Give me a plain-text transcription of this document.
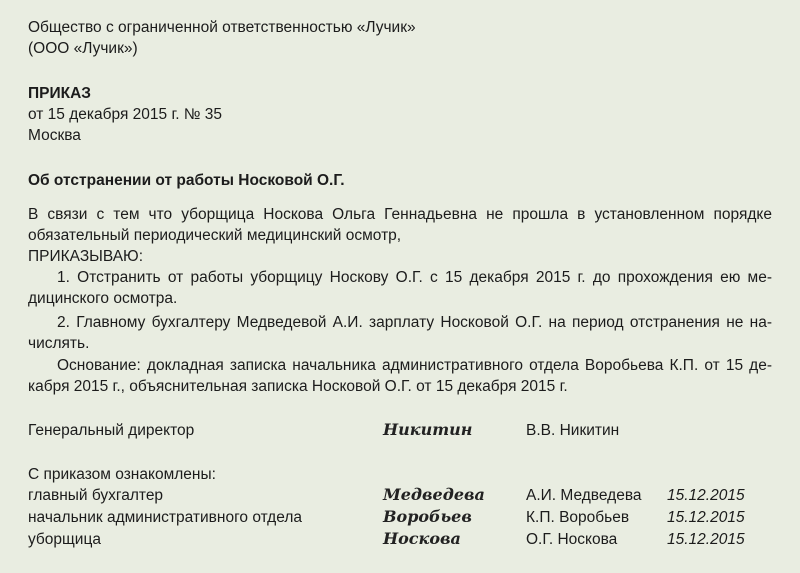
Общество с ограниченной ответственностью «Лучик»
(ООО «Лучик»)
ПРИКАЗ
от 15 декабря 2015 г. № 35
Москва
Об отстранении от работы Носковой О.Г.
В связи с тем что уборщица Носкова Ольга Геннадьевна не прошла в установленном порядке
обязательный периодический медицинский осмотр,
ПРИКАЗЫВАЮ:
1. Отстранить от работы уборщицу Носкову О.Г. с 15 декабря 2015 г. до прохождения ею ме-
дицинского осмотра.
2. Главному бухгалтеру Медведевой А.И. зарплату Носковой О.Г. на период отстранения не на-
числять.
Основание: докладная записка начальника административного отдела Воробьева К.П. от 15 де-
кабря 2015 г., объяснительная записка Носковой О.Г. от 15 декабря 2015 г.
Генеральный директор	Никитин	В.В. Никитин
С приказом ознакомлены:
главный бухгалтер	Медведева	А.И. Медведева 15.12.2015
начальник административного отдела	Воробьев	К.П. Воробьев 15.12.2015
уборщица	Носкова	О.Г. Носкова	15.12.2015
